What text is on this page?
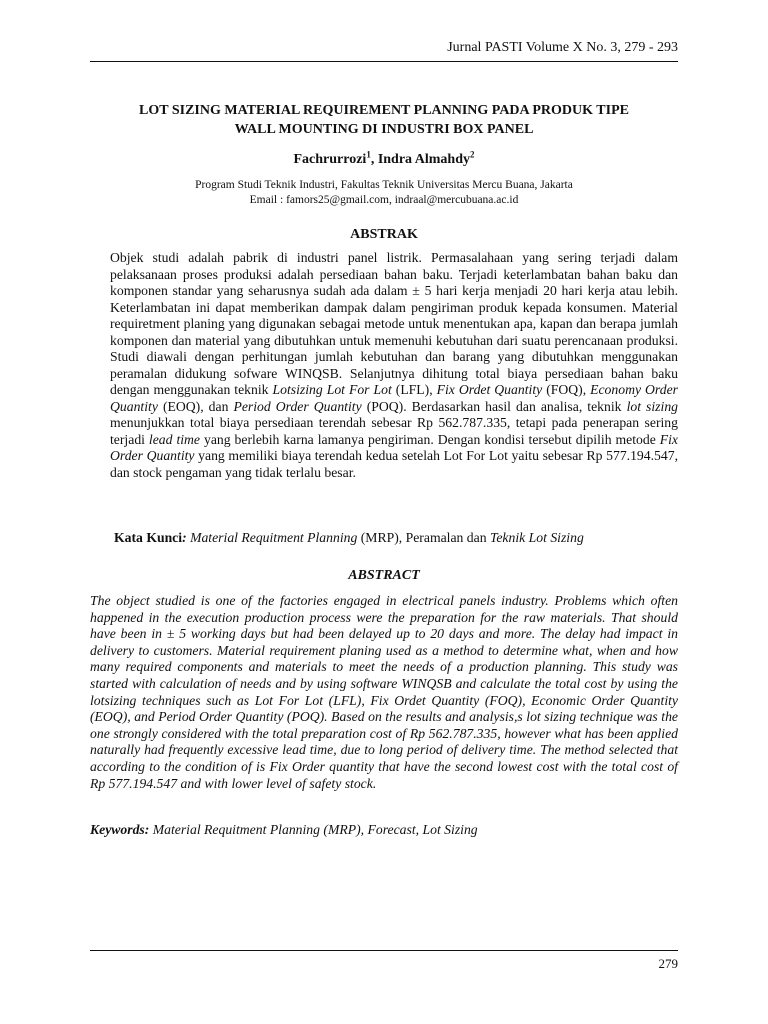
Jurnal PASTI Volume X No. 3, 279 - 293
LOT SIZING MATERIAL REQUIREMENT PLANNING PADA PRODUK TIPE
WALL MOUNTING DI INDUSTRI BOX PANEL
Fachrurrozi$^1$, Indra Almahdy$^2$
Program Studi Teknik Industri, Fakultas Teknik Universitas Mercu Buana, Jakarta
Email : famors25@gmail.com, indraal@mercubuana.ac.id
ABSTRAK

Objek studi adalah pabrik di industri panel listrik. Permasalahaan yang sering terjadi dalam pelaksanaan proses produksi adalah persediaan bahan baku. Terjadi keterlambatan bahan baku dan komponen standar yang seharusnya sudah ada dalam ± 5 hari kerja menjadi 20 hari kerja atau lebih. Keterlambatan ini dapat memberikan dampak dalam pengiriman produk kepada konsumen. Material requiretment planing yang digunakan sebagai metode untuk menentukan apa, kapan dan berapa jumlah komponen dan material yang dibutuhkan untuk memenuhi kebutuhan dari suatu perencanaan produksi. Studi diawali dengan perhitungan jumlah kebutuhan dan barang yang dibutuhkan menggunakan peramalan didukung sofware WINQSB. Selanjutnya dihitung total biaya persediaan bahan baku dengan menggunakan teknik Lotsizing Lot For Lot (LFL), Fix Ordet Quantity (FOQ), Economy Order Quantity (EOQ), dan Period Order Quantity (POQ). Berdasarkan hasil dan analisa, teknik lot sizing menunjukkan total biaya persediaan terendah sebesar Rp 562.787.335, tetapi pada penerapan sering terjadi lead time yang berlebih karna lamanya pengiriman. Dengan kondisi tersebut dipilih metode Fix Order Quantity yang memiliki biaya terendah kedua setelah Lot For Lot yaitu sebesar Rp 577.194.547, dan stock pengaman yang tidak terlalu besar.

Kata Kunci: Material Requitment Planning (MRP), Peramalan dan Teknik Lot Sizing
ABSTRACT

The object studied is one of the factories engaged in electrical panels industry. Problems which often happened in the execution production process were the preparation for the raw materials. That should have been in ± 5 working days but had been delayed up to 20 days and more. The delay had impact in delivery to customers. Material requirement planing used as a method to determine what, when and how many required components and materials to meet the needs of a production planning. This study was started with calculation of needs and by using software WINQSB and calculate the total cost by using the lotsizing techniques such as Lot For Lot (LFL), Fix Ordet Quantity (FOQ), Economic Order Quantity (EOQ), and Period Order Quantity (POQ). Based on the results and analysis,s lot sizing technique was the one strongly considered with the total preparation cost of Rp 562.787.335, however what has been applied naturally had frequently excessive lead time, due to long period of delivery time. The method selected that according to the condition of is Fix Order quantity that have the second lowest cost with the total cost of Rp 577.194.547 and with lower level of safety stock.

Keywords: Material Requitment Planning (MRP), Forecast, Lot Sizing
279
